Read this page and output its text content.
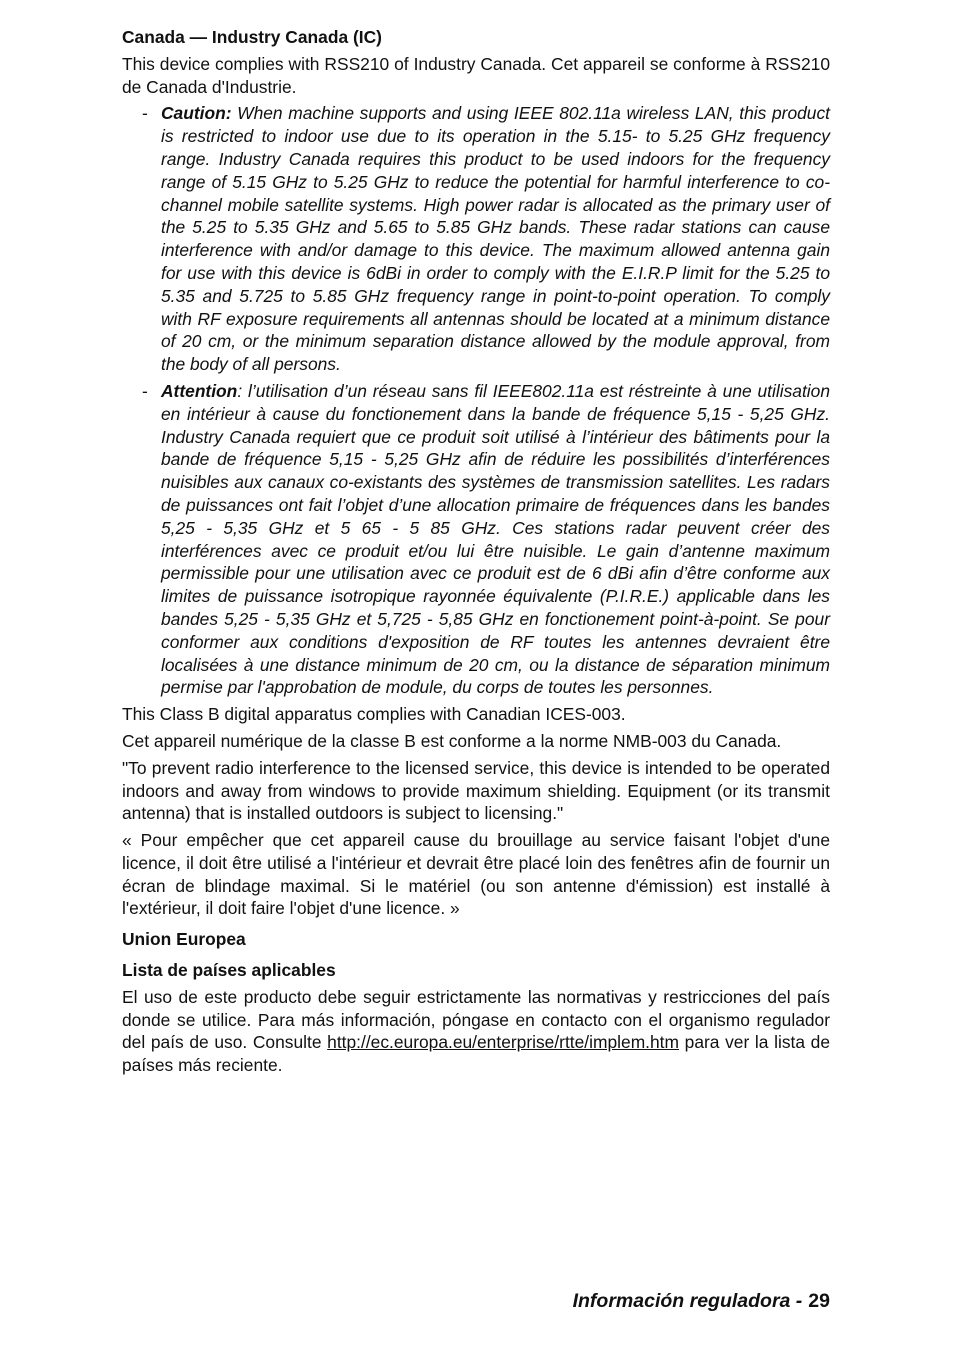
Canada — Industry Canada (IC)

This device complies with RSS210 of Industry Canada. Cet appareil se conforme à RSS210 de Canada d'Industrie.

- Caution: When machine supports and using IEEE 802.11a wireless LAN, this product is restricted to indoor use due to its operation in the 5.15- to 5.25 GHz frequency range. Industry Canada requires this product to be used indoors for the frequency range of 5.15 GHz to 5.25 GHz to reduce the potential for harmful interference to co-channel mobile satellite systems. High power radar is allocated as the primary user of the 5.25 to 5.35 GHz and 5.65 to 5.85 GHz bands. These radar stations can cause interference with and/or damage to this device. The maximum allowed antenna gain for use with this device is 6dBi in order to comply with the E.I.R.P limit for the 5.25 to 5.35 and 5.725 to 5.85 GHz frequency range in point-to-point operation. To comply with RF exposure requirements all antennas should be located at a minimum distance of 20 cm, or the minimum separation distance allowed by the module approval, from the body of all persons.
- Attention: l’utilisation d’un réseau sans fil IEEE802.11a est réstreinte à une utilisation en intérieur à cause du fonctionement dans la bande de fréquence 5,15 - 5,25 GHz. Industry Canada requiert que ce produit soit utilisé à l’intérieur des bâtiments pour la bande de fréquence 5,15 - 5,25 GHz afin de réduire les possibilités d’interférences nuisibles aux canaux co-existants des systèmes de transmission satellites. Les radars de puissances ont fait l’objet d’une allocation primaire de fréquences dans les bandes 5,25 - 5,35 GHz et 5 65 - 5 85 GHz. Ces stations radar peuvent créer des interférences avec ce produit et/ou lui être nuisible. Le gain d’antenne maximum permissible pour une utilisation avec ce produit est de 6 dBi afin d’être conforme aux limites de puissance isotropique rayonnée équivalente (P.I.R.E.) applicable dans les bandes 5,25 - 5,35 GHz et 5,725 - 5,85 GHz en fonctionement point-à-point. Se pour conformer aux conditions d'exposition de RF toutes les antennes devraient être localisées à une distance minimum de 20 cm, ou la distance de séparation minimum permise par l'approbation de module, du corps de toutes les personnes.

This Class B digital apparatus complies with Canadian ICES-003.

Cet appareil numérique de la classe B est conforme a la norme NMB-003 du Canada.

"To prevent radio interference to the licensed service, this device is intended to be operated indoors and away from windows to provide maximum shielding. Equipment (or its transmit antenna) that is installed outdoors is subject to licensing."

« Pour empêcher que cet appareil cause du brouillage au service faisant l'objet d'une licence, il doit être utilisé a l'intérieur et devrait être placé loin des fenêtres afin de fournir un écran de blindage maximal. Si le matériel (ou son antenne d'émission) est installé à l'extérieur, il doit faire l'objet d'une licence. »

Union Europea

Lista de países aplicables

El uso de este producto debe seguir estrictamente las normativas y restricciones del país donde se utilice. Para más información, póngase en contacto con el organismo regulador del país de uso. Consulte http://ec.europa.eu/enterprise/rtte/implem.htm para ver la lista de países más reciente.

Información reguladora - 29
